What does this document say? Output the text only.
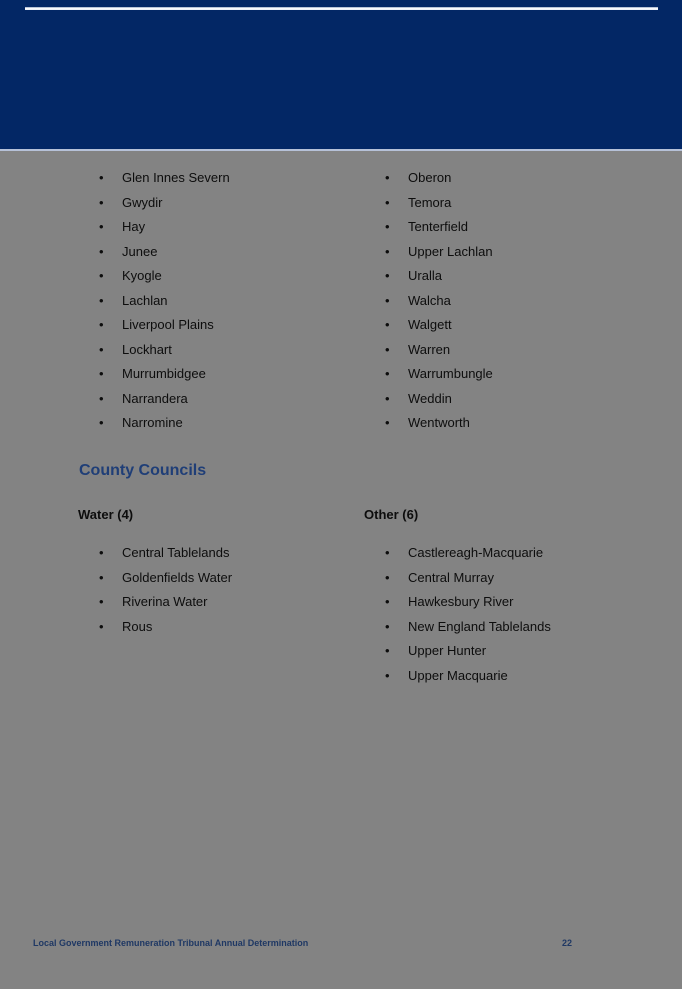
• Glen Innes Severn
• Gwydir
• Hay
• Junee
• Kyogle
• Lachlan
• Liverpool Plains
• Lockhart
• Murrumbidgee
• Narrandera
• Narromine
• Oberon
• Temora
• Tenterfield
• Upper Lachlan
• Uralla
• Walcha
• Walgett
• Warren
• Warrumbungle
• Weddin
• Wentworth
County Councils
Water (4)	Other (6)
• Central Tablelands
• Goldenfields Water
• Riverina Water
• Rous
• Castlereagh-Macquarie
• Central Murray
• Hawkesbury River
• New England Tablelands
• Upper Hunter
• Upper Macquarie
Local Government Remuneration Tribunal Annual Determination	22
